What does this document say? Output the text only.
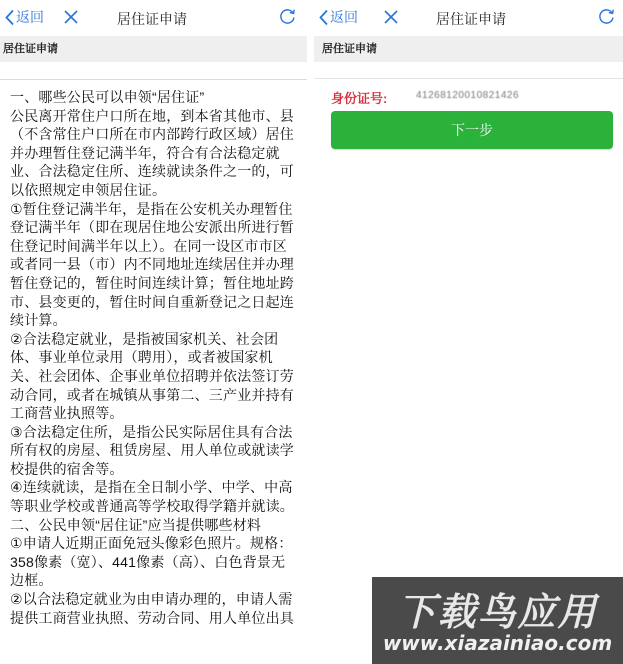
返回	居住证申请
居住证申请

一、哪些公民可以申领“居住证”

公民离开常住户口所在地，到本省其他市、县（不含常住户口所在市内部跨行政区域）居住并办理暂住登记满半年，符合有合法稳定就业、合法稳定住所、连续就读条件之一的，可以依照规定申领居住证。

①暂住登记满半年，是指在公安机关办理暂住登记满半年（即在现居住地公安派出所进行暂住登记时间满半年以上）。在同一设区市市区或者同一县（市）内不同地址连续居住并办理暂住登记的，暂住时间连续计算；暂住地址跨市、县变更的，暂住时间自重新登记之日起连续计算。

②合法稳定就业，是指被国家机关、社会团体、事业单位录用（聘用），或者被国家机关、社会团体、企事业单位招聘并依法签订劳动合同，或者在城镇从事第二、三产业并持有工商营业执照等。

③合法稳定住所，是指公民实际居住具有合法所有权的房屋、租赁房屋、用人单位或就读学校提供的宿舍等。

④连续就读，是指在全日制小学、中学、中高等职业学校或普通高等学校取得学籍并就读。

二、公民申领“居住证”应当提供哪些材料

①申请人近期正面免冠头像彩色照片。规格：358像素（宽）、441像素（高）、白色背景无边框。

②以合法稳定就业为由申请办理的，申请人需提供工商营业执照、劳动合同、用人单位出具

返回	居住证申请
居住证申请
身份证号:	41268120010821426
下一步
下载鸟应用
www.xiazainiao.com
